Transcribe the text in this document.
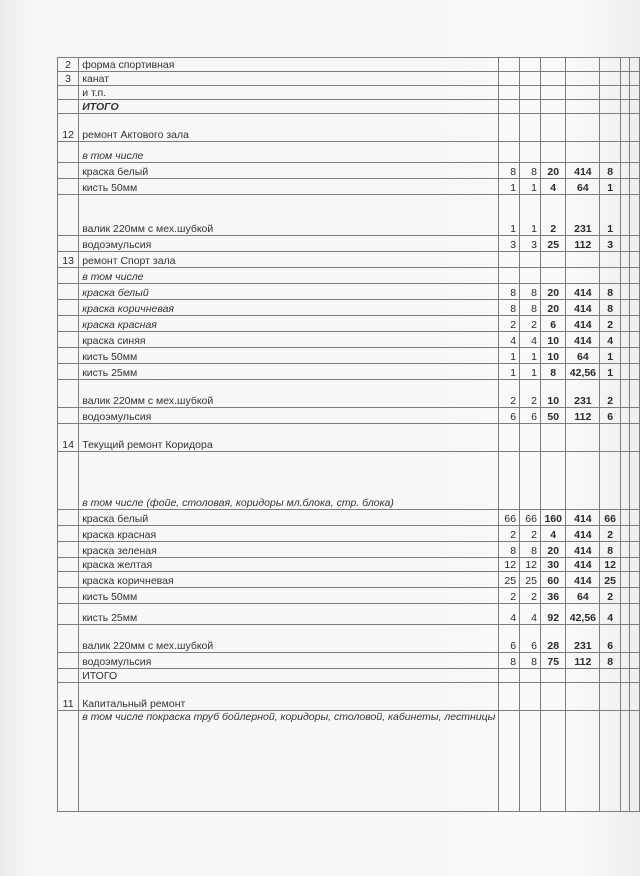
2	форма спортивная							
3	канат							
	и т.п.							
	ИТОГО							
12	ремонт Актового зала							
	в том числе							
	краска белый	8	8	20	414	8		
	кисть 50мм	1	1	4	64	1		
	валик 220мм с мех.шубкой	1	1	2	231	1		
	водоэмульсия	3	3	25	112	3		
13	ремонт Спорт зала							
	в том числе							
	краска белый	8	8	20	414	8		
	краска коричневая	8	8	20	414	8		
	краска красная	2	2	6	414	2		
	краска синяя	4	4	10	414	4		
	кисть 50мм	1	1	10	64	1		
	кисть 25мм	1	1	8	42,56	1		
	валик 220мм с мех.шубкой	2	2	10	231	2		
	водоэмульсия	6	6	50	112	6		
14	Текущий ремонт Коридора							
	в том числе (фойе, столовая, коридоры мл.блока, стр. блока)							
	краска белый	66	66	160	414	66		
	краска красная	2	2	4	414	2		
	краска зеленая	8	8	20	414	8		
	краска желтая	12	12	30	414	12		
	краска коричневая	25	25	60	414	25		
	кисть 50мм	2	2	36	64	2		
	кисть 25мм	4	4	92	42,56	4		
	валик 220мм с мех.шубкой	6	6	28	231	6		
	водоэмульсия	8	8	75	112	8		
	ИТОГО							
11	Капитальный ремонт							
	в том числе покраска труб бойлерной, коридоры, столовой, кабинеты, лестницы							
